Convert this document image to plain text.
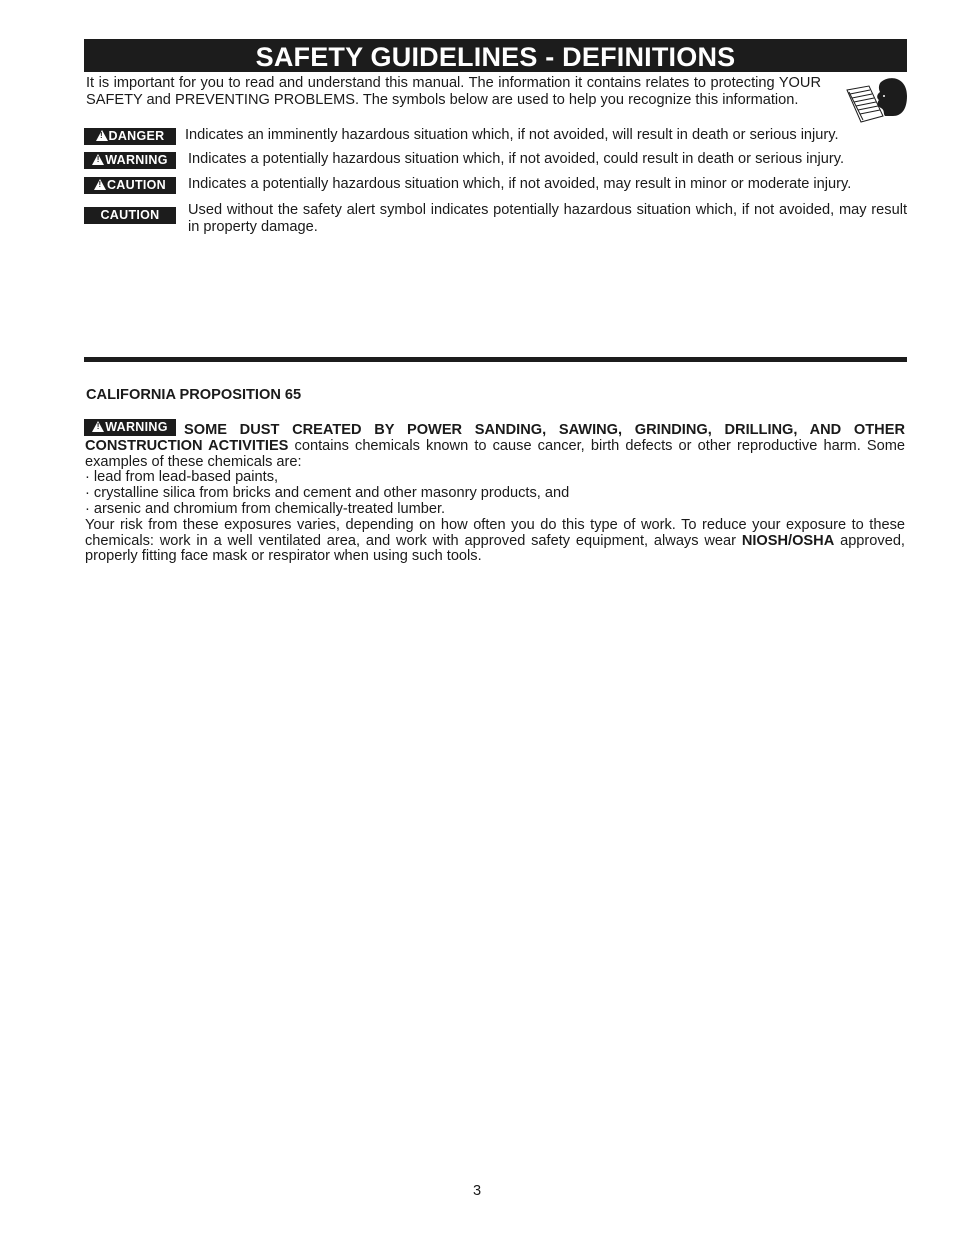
SAFETY GUIDELINES - DEFINITIONS
It is important for you to read and understand this manual. The information it contains relates to protecting YOUR SAFETY and PREVENTING PROBLEMS. The symbols below are used to help you recognize this information.
!DANGER	Indicates an imminently hazardous situation which, if not avoided, will result in death or serious injury.
!WARNING	Indicates a potentially hazardous situation which, if not avoided, could result in death or serious injury.
!CAUTION	Indicates a potentially hazardous situation which, if not avoided, may result in minor or moderate injury.
CAUTION	Used without the safety alert symbol indicates potentially hazardous situation which, if not avoided, may result in property damage.
CALIFORNIA PROPOSITION 65
!WARNING	SOME DUST CREATED BY POWER SANDING, SAWING, GRINDING, DRILLING, AND OTHER CONSTRUCTION ACTIVITIES contains chemicals known to cause cancer, birth defects or other reproductive harm. Some examples of these chemicals are:

· lead from lead-based paints,

· crystalline silica from bricks and cement and other masonry products, and

· arsenic and chromium from chemically-treated lumber.

Your risk from these exposures varies, depending on how often you do this type of work. To reduce your exposure to these chemicals: work in a well ventilated area, and work with approved safety equipment, always wear NIOSH/OSHA approved, properly fitting face mask or respirator when using such tools.

3
